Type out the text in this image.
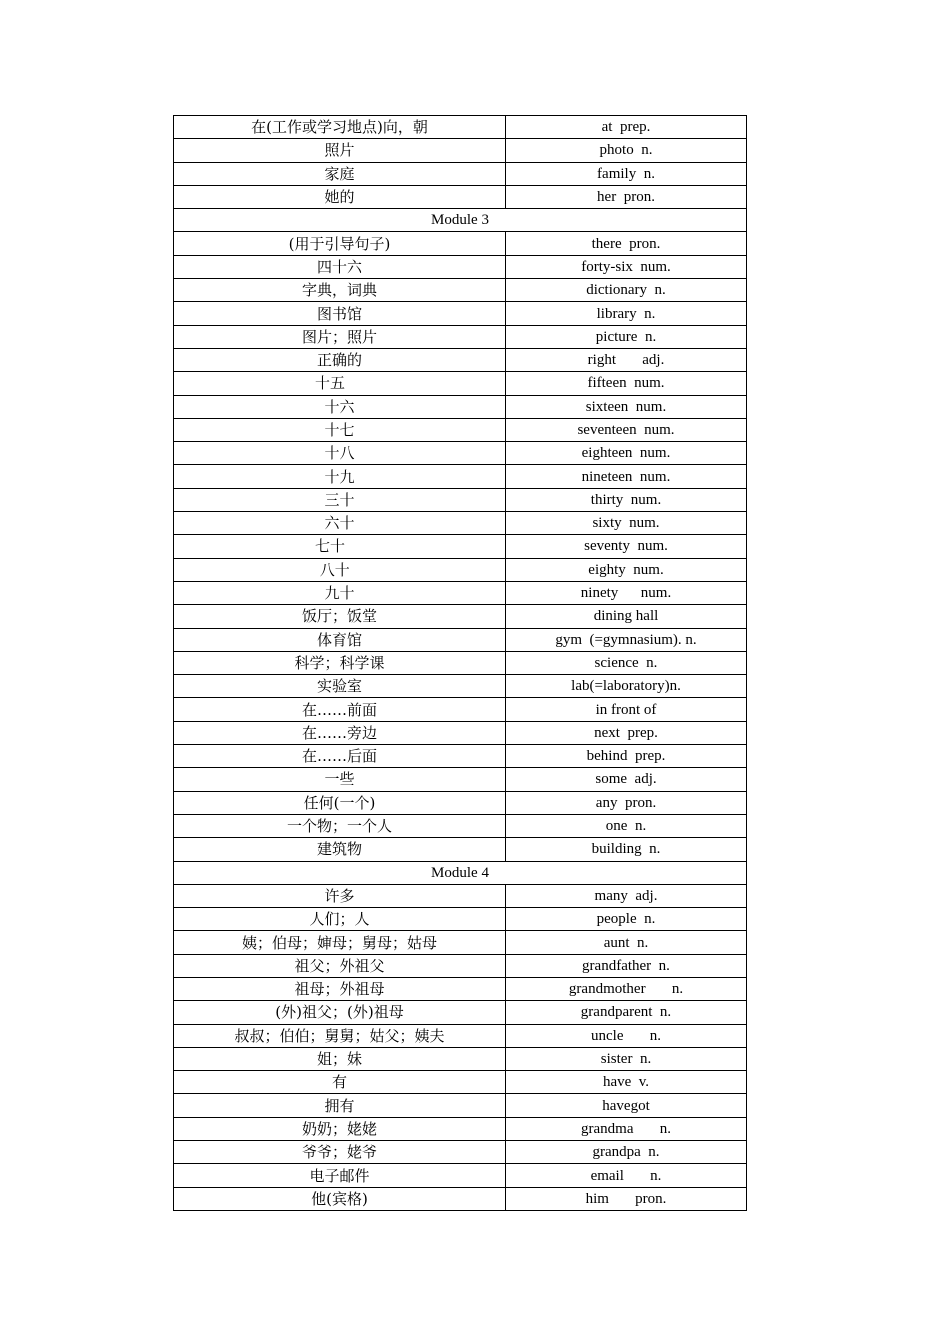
在(工作或学习地点)向，朝	at  prep.
照片	photo  n.
家庭	family  n.
她的	her  pron.
Module 3	
(用于引导句子)	there  pron.
四十六	forty-six  num.
字典，词典	dictionary  n.
图书馆	library  n.
图片；照片	picture  n.
正确的	right       adj.
十五	fifteen  num.
十六	sixteen  num.
十七	seventeen  num.
十八	eighteen  num.
十九	nineteen  num.
三十	thirty  num.
六十	sixty  num.
七十	seventy  num.
八十	eighty  num.
九十	ninety      num.
饭厅；饭堂	dining hall
体育馆	gym  (=gymnasium). n.
科学；科学课	science  n.
实验室	lab(=laboratory)n.
在……前面	in front of
在……旁边	next  prep.
在……后面	behind  prep.
一些	some  adj.
任何(一个)	any  pron.
一个物；一个人	one  n.
建筑物	building  n.
Module 4	
许多	many  adj.
人们；人	people  n.
姨；伯母；婶母；舅母；姑母	aunt  n.
祖父；外祖父	grandfather  n.
祖母；外祖母	grandmother       n.
(外)祖父；(外)祖母	grandparent  n.
叔叔；伯伯；舅舅；姑父；姨夫	uncle       n.
姐；妹	sister  n.
有	have  v.
拥有	havegot
奶奶；姥姥	grandma       n.
爷爷；姥爷	grandpa  n.
电子邮件	email       n.
他(宾格)	him       pron.
